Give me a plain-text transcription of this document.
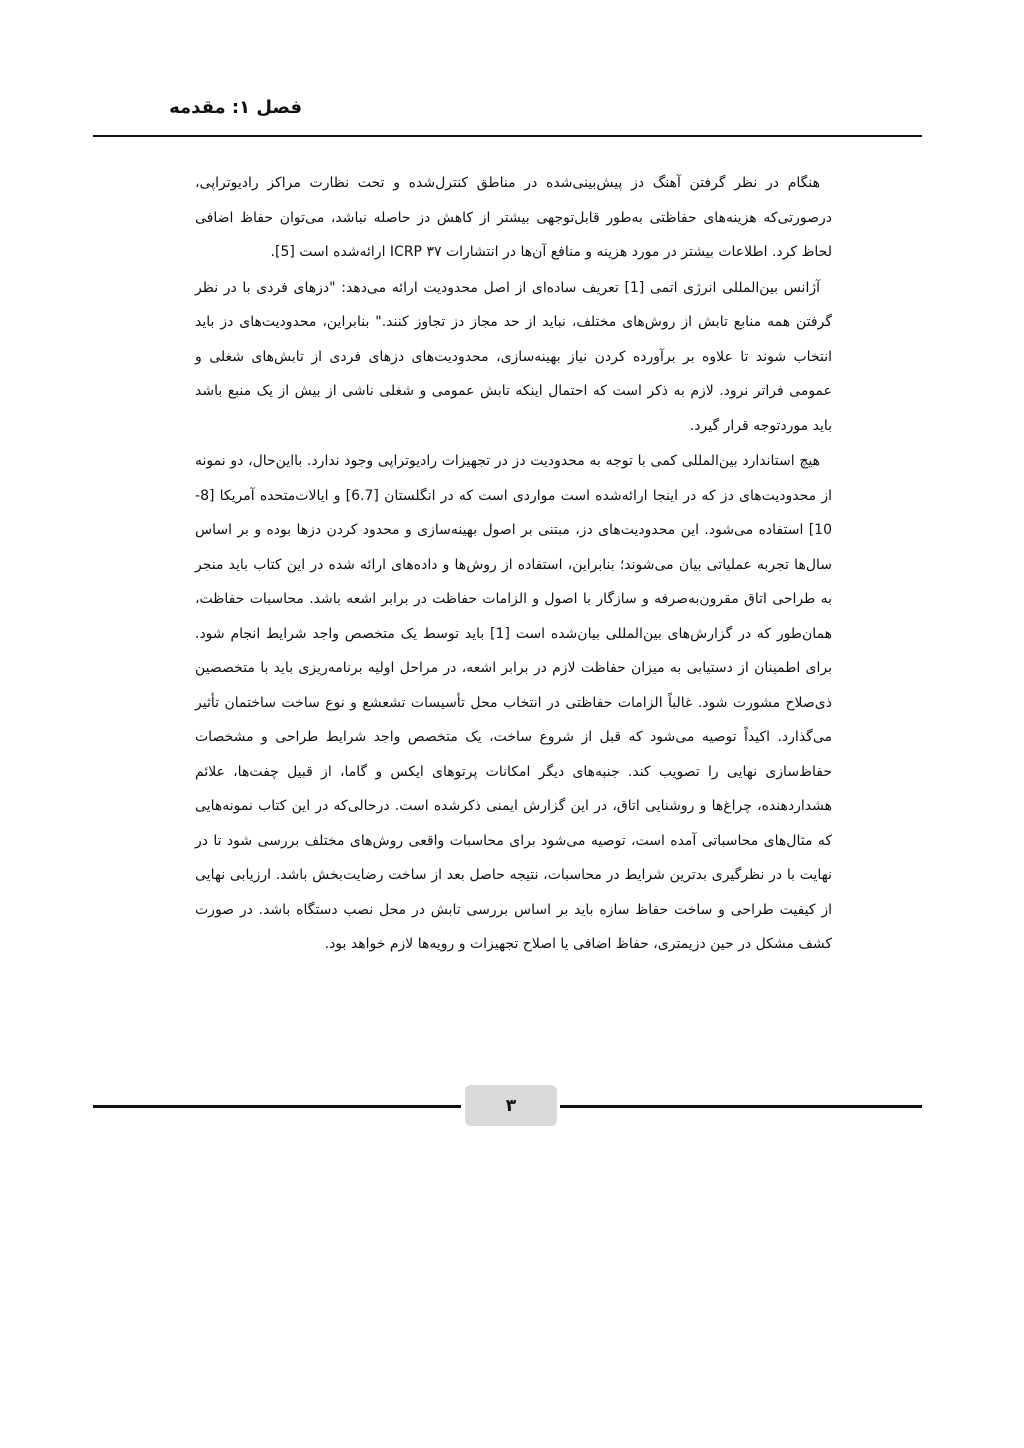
فصل ۱: مقدمه

هنگام در نظر گرفتن آهنگ دز پیش‌بینی‌شده در مناطق کنترل‌شده و تحت نظارت مراکز رادیوتراپی، درصورتی‌که هزینه‌های حفاظتی به‌طور قابل‌توجهی بیشتر از کاهش دز حاصله نباشد، می‌توان حفاظ اضافی لحاظ کرد. اطلاعات بیشتر در مورد هزینه و منافع آن‌ها در انتشارات ICRP ۳۷ ارائه‌شده است [5].

آژانس بین‌المللی انرژی اتمی [1] تعریف ساده‌ای از اصل محدودیت ارائه می‌دهد: "دزهای فردی با در نظر گرفتن همه منابع تابش از روش‌های مختلف، نباید از حد مجاز دز تجاوز کنند." بنابراین، محدودیت‌های دز باید انتخاب شوند تا علاوه بر برآورده کردن نیاز بهینه‌سازی، محدودیت‌های دزهای فردی از تابش‌های شغلی و عمومی فراتر نرود. لازم به ذکر است که احتمال اینکه تابش عمومی و شغلی ناشی از بیش از یک منبع باشد باید موردتوجه قرار گیرد.

هیچ استاندارد بین‌المللی کمی با توجه به محدودیت دز در تجهیزات رادیوتراپی وجود ندارد. بااین‌حال، دو نمونه از محدودیت‌های دز که در اینجا ارائه‌شده است مواردی است که در انگلستان [6.7] و ایالات‌متحده آمریکا [8-10] استفاده می‌شود. این محدودیت‌های دز، مبتنی بر اصول بهینه‌سازی و محدود کردن دزها بوده و بر اساس سال‌ها تجربه عملیاتی بیان می‌شوند؛ بنابراین، استفاده از روش‌ها و داده‌های ارائه شده در این کتاب باید منجر به طراحی اتاق مقرون‌به‌صرفه و سازگار با اصول و الزامات حفاظت در برابر اشعه باشد. محاسبات حفاظت، همان‌طور که در گزارش‌های بین‌المللی بیان‌شده است [1] باید توسط یک متخصص واجد شرایط انجام شود. برای اطمینان از دستیابی به میزان حفاظت لازم در برابر اشعه، در مراحل اولیه برنامه‌ریزی باید با متخصصین ذی‌صلاح مشورت شود. غالباً الزامات حفاظتی در انتخاب محل تأسیسات تشعشع و نوع ساخت ساختمان تأثیر می‌گذارد. اکیداً توصیه می‌شود که قبل از شروع ساخت، یک متخصص واجد شرایط طراحی و مشخصات حفاظ‌سازی نهایی را تصویب کند. جنبه‌های دیگر امکانات پرتوهای ایکس و گاما، از قبیل چفت‌ها، علائم هشداردهنده، چراغ‌ها و روشنایی اتاق، در این گزارش ایمنی ذکرشده است. درحالی‌که در این کتاب نمونه‌هایی که مثال‌های محاسباتی آمده است، توصیه می‌شود برای محاسبات واقعی روش‌های مختلف بررسی شود تا در نهایت با در نظرگیری بدترین شرایط در محاسبات، نتیجه حاصل بعد از ساخت رضایت‌بخش باشد. ارزیابی نهایی از کیفیت طراحی و ساخت حفاظ سازه باید بر اساس بررسی تابش در محل نصب دستگاه باشد. در صورت کشف مشکل در حین دزیمتری، حفاظ اضافی یا اصلاح تجهیزات و رویه‌ها لازم خواهد بود.

۳
